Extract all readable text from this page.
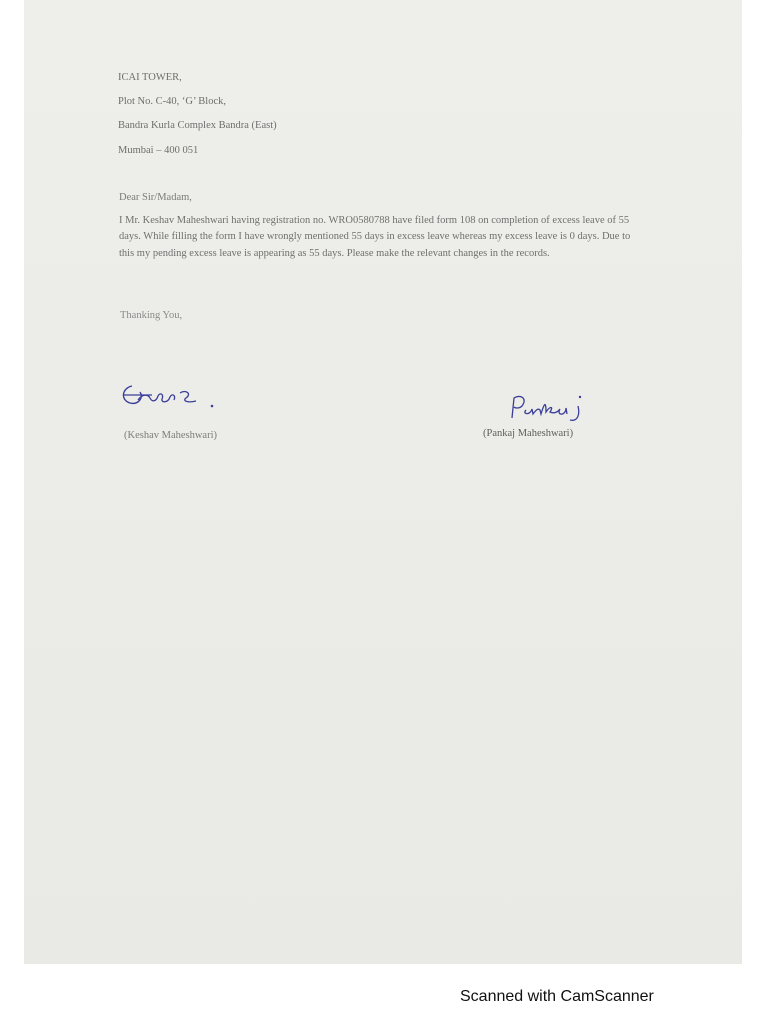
ICAI TOWER,
Plot No. C-40, ‘G’ Block,
Bandra Kurla Complex Bandra (East)
Mumbai – 400 051
Dear Sir/Madam,
I Mr. Keshav Maheshwari having registration no. WRO0580788 have filed form 108 on completion of excess leave of 55 days. While filling the form I have wrongly mentioned 55 days in excess leave whereas my excess leave is 0 days. Due to this my pending excess leave is appearing as 55 days. Please make the relevant changes in the records.
Thanking You,
(Keshav Maheshwari)	(Pankaj Maheshwari)
Scanned with CamScanner
